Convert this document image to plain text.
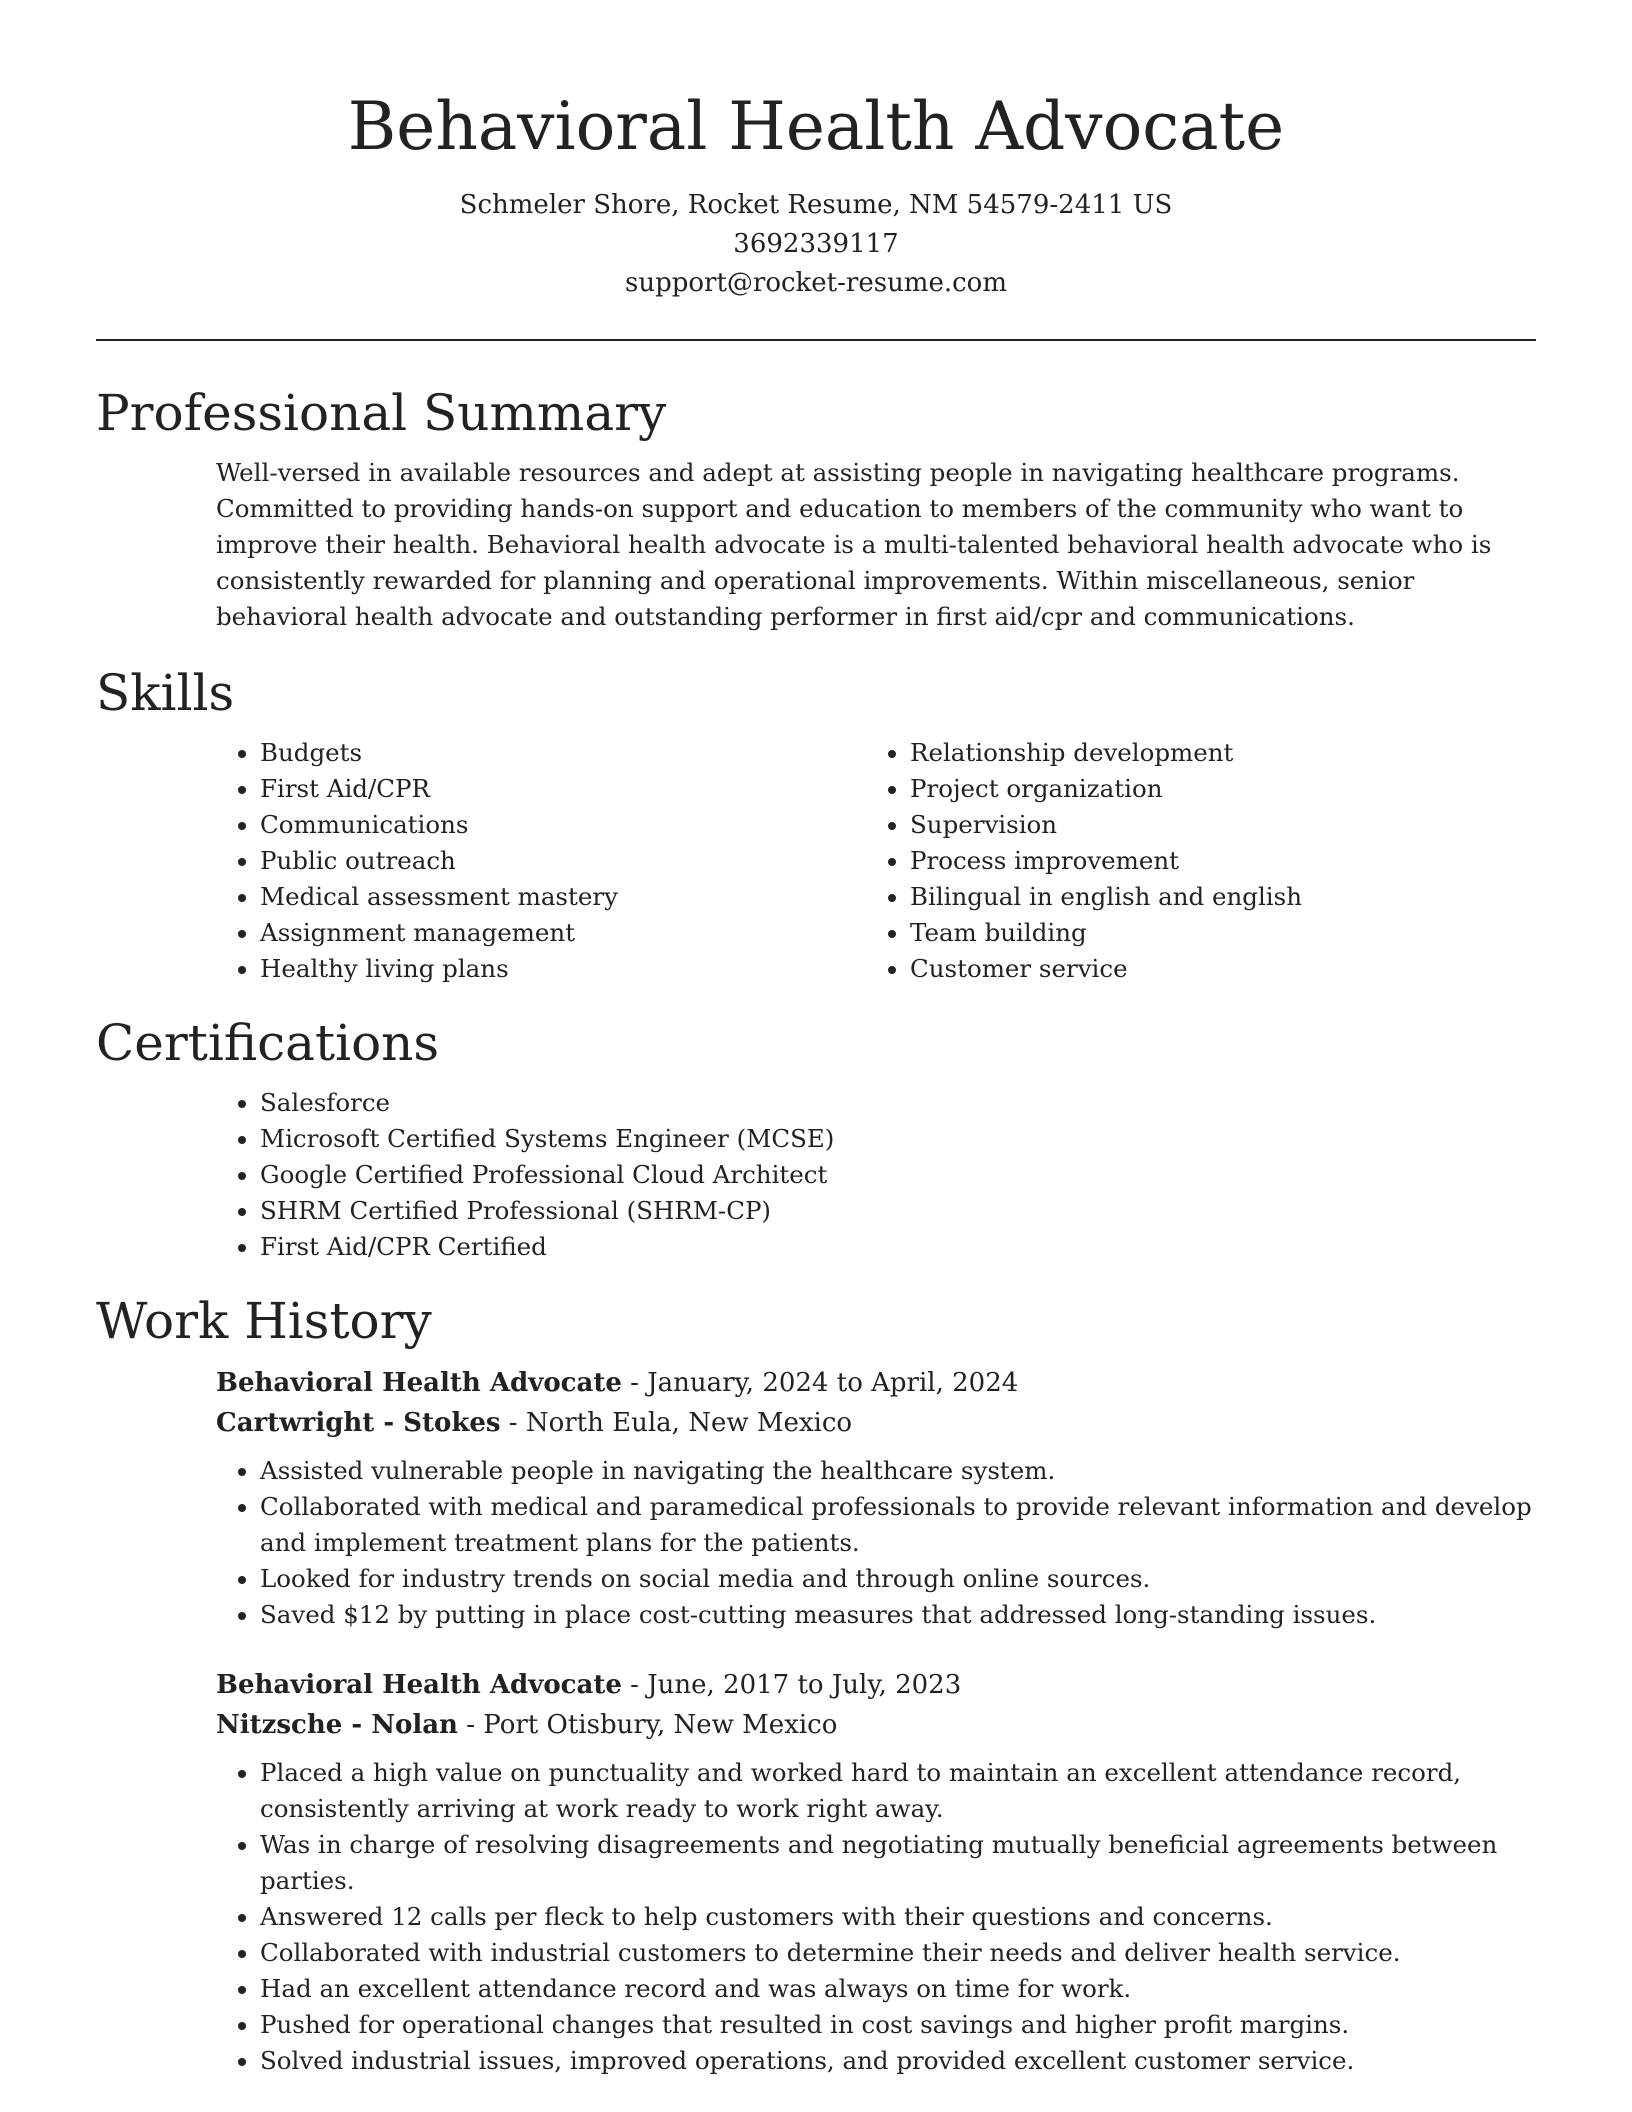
Behavioral Health Advocate
Schmeler Shore, Rocket Resume, NM 54579-2411 US
3692339117
support@rocket-resume.com
Professional Summary
Well-versed in available resources and adept at assisting people in navigating healthcare programs. Committed to providing hands-on support and education to members of the community who want to improve their health. Behavioral health advocate is a multi-talented behavioral health advocate who is consistently rewarded for planning and operational improvements. Within miscellaneous, senior behavioral health advocate and outstanding performer in first aid/cpr and communications.
Skills
• Budgets
• First Aid/CPR
• Communications
• Public outreach
• Medical assessment mastery
• Assignment management
• Healthy living plans
• Relationship development
• Project organization
• Supervision
• Process improvement
• Bilingual in english and english
• Team building
• Customer service
Certifications
• Salesforce
• Microsoft Certified Systems Engineer (MCSE)
• Google Certified Professional Cloud Architect
• SHRM Certified Professional (SHRM-CP)
• First Aid/CPR Certified
Work History
Behavioral Health Advocate - January, 2024 to April, 2024
Cartwright - Stokes - North Eula, New Mexico
• Assisted vulnerable people in navigating the healthcare system.
• Collaborated with medical and paramedical professionals to provide relevant information and develop and implement treatment plans for the patients.
• Looked for industry trends on social media and through online sources.
• Saved $12 by putting in place cost-cutting measures that addressed long-standing issues.
Behavioral Health Advocate - June, 2017 to July, 2023
Nitzsche - Nolan - Port Otisbury, New Mexico
• Placed a high value on punctuality and worked hard to maintain an excellent attendance record, consistently arriving at work ready to work right away.
• Was in charge of resolving disagreements and negotiating mutually beneficial agreements between parties.
• Answered 12 calls per fleck to help customers with their questions and concerns.
• Collaborated with industrial customers to determine their needs and deliver health service.
• Had an excellent attendance record and was always on time for work.
• Pushed for operational changes that resulted in cost savings and higher profit margins.
• Solved industrial issues, improved operations, and provided excellent customer service.
